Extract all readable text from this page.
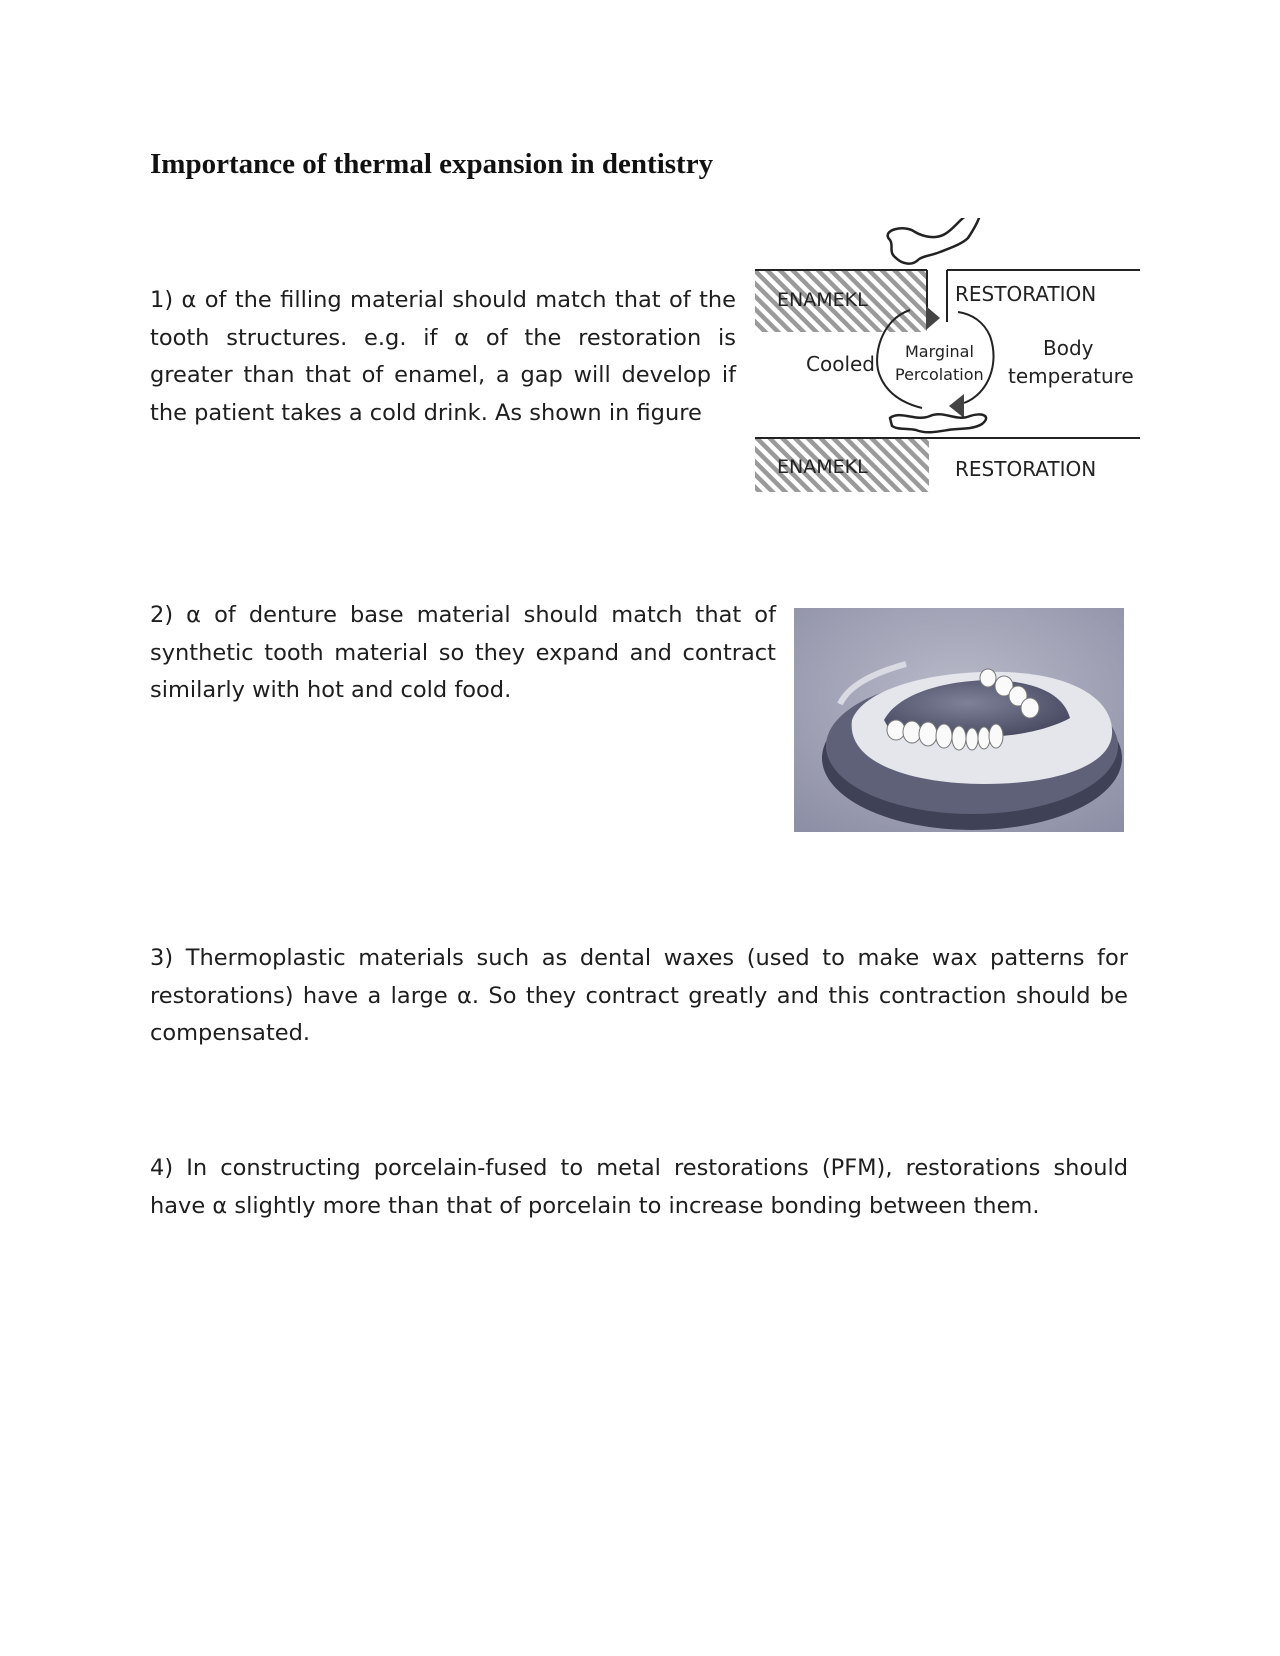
Importance of thermal expansion in dentistry

1) α of the filling material should match that of the tooth structures. e.g. if α of the restoration is greater than that of enamel, a gap will develop if the patient takes a cold drink. As shown in figure

ENAMEKL	RESTORATION
Marginal
Percolation
Cooled
Body
temperature
ENAMEKL	RESTORATION

2) α of denture base material should match that of synthetic tooth material so they expand and contract similarly with hot and cold food.

3) Thermoplastic materials such as dental waxes (used to make wax patterns for restorations) have a large α. So they contract greatly and this contraction should be compensated.

4) In constructing porcelain-fused to metal restorations (PFM), restorations should have α slightly more than that of porcelain to increase bonding between them.
